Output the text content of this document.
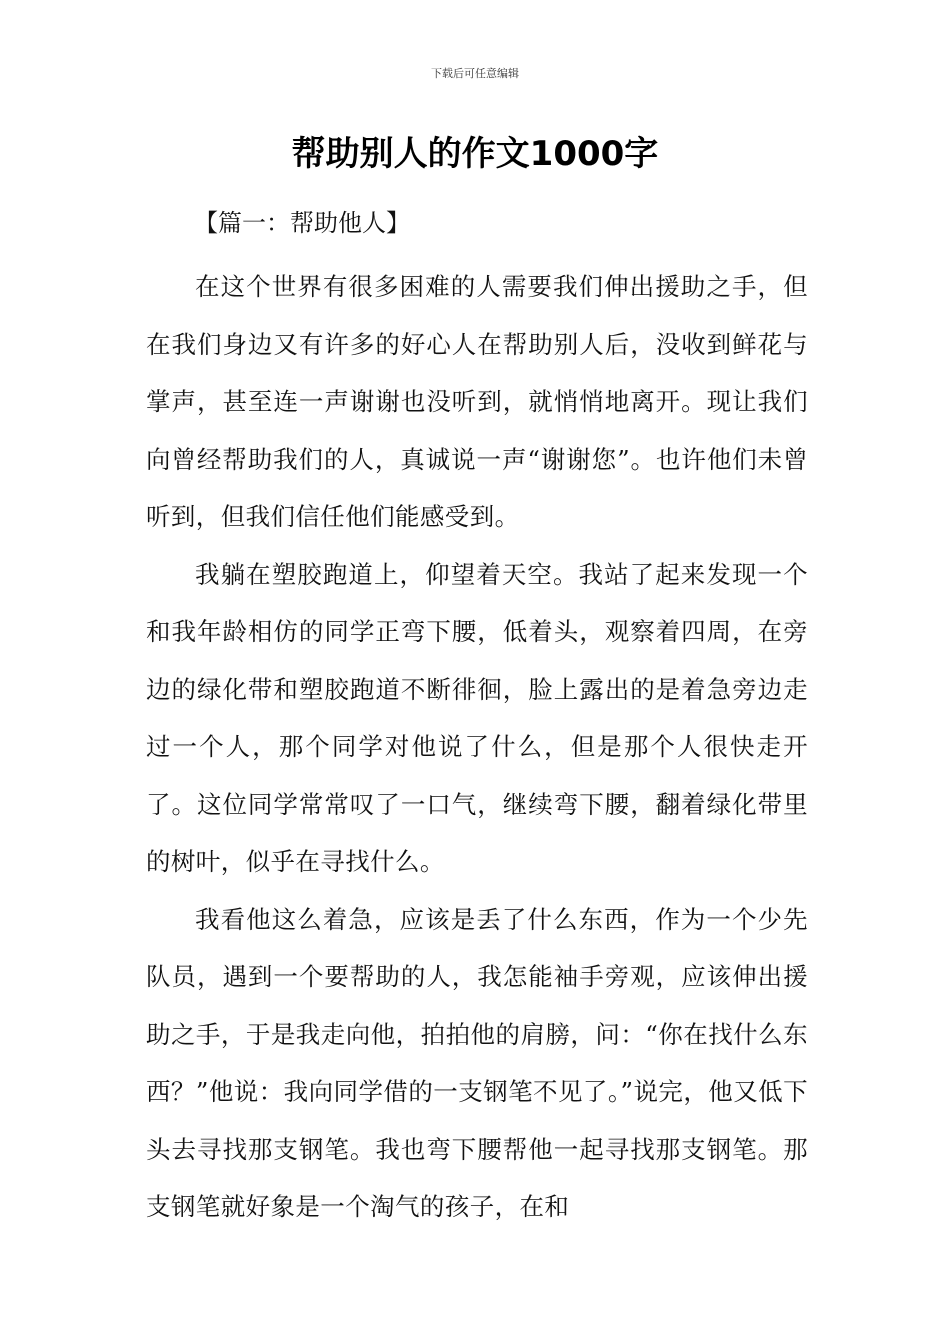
下载后可任意编辑
帮助别人的作文1000字

【篇一：帮助他人】

在这个世界有很多困难的人需要我们伸出援助之手，但在我们身边又有许多的好心人在帮助别人后，没收到鲜花与掌声，甚至连一声谢谢也没听到，就悄悄地离开。现让我们向曾经帮助我们的人，真诚说一声“谢谢您”。也许他们未曾听到，但我们信任他们能感受到。

我躺在塑胶跑道上，仰望着天空。我站了起来发现一个和我年龄相仿的同学正弯下腰，低着头，观察着四周，在旁边的绿化带和塑胶跑道不断徘徊，脸上露出的是着急旁边走过一个人，那个同学对他说了什么，但是那个人很快走开了。这位同学常常叹了一口气，继续弯下腰，翻着绿化带里的树叶，似乎在寻找什么。

我看他这么着急，应该是丢了什么东西，作为一个少先队员，遇到一个要帮助的人，我怎能袖手旁观，应该伸出援助之手，于是我走向他，拍拍他的肩膀，问：“你在找什么东西？”他说：我向同学借的一支钢笔不见了。”说完，他又低下头去寻找那支钢笔。我也弯下腰帮他一起寻找那支钢笔。那支钢笔就好象是一个淘气的孩子，在和
